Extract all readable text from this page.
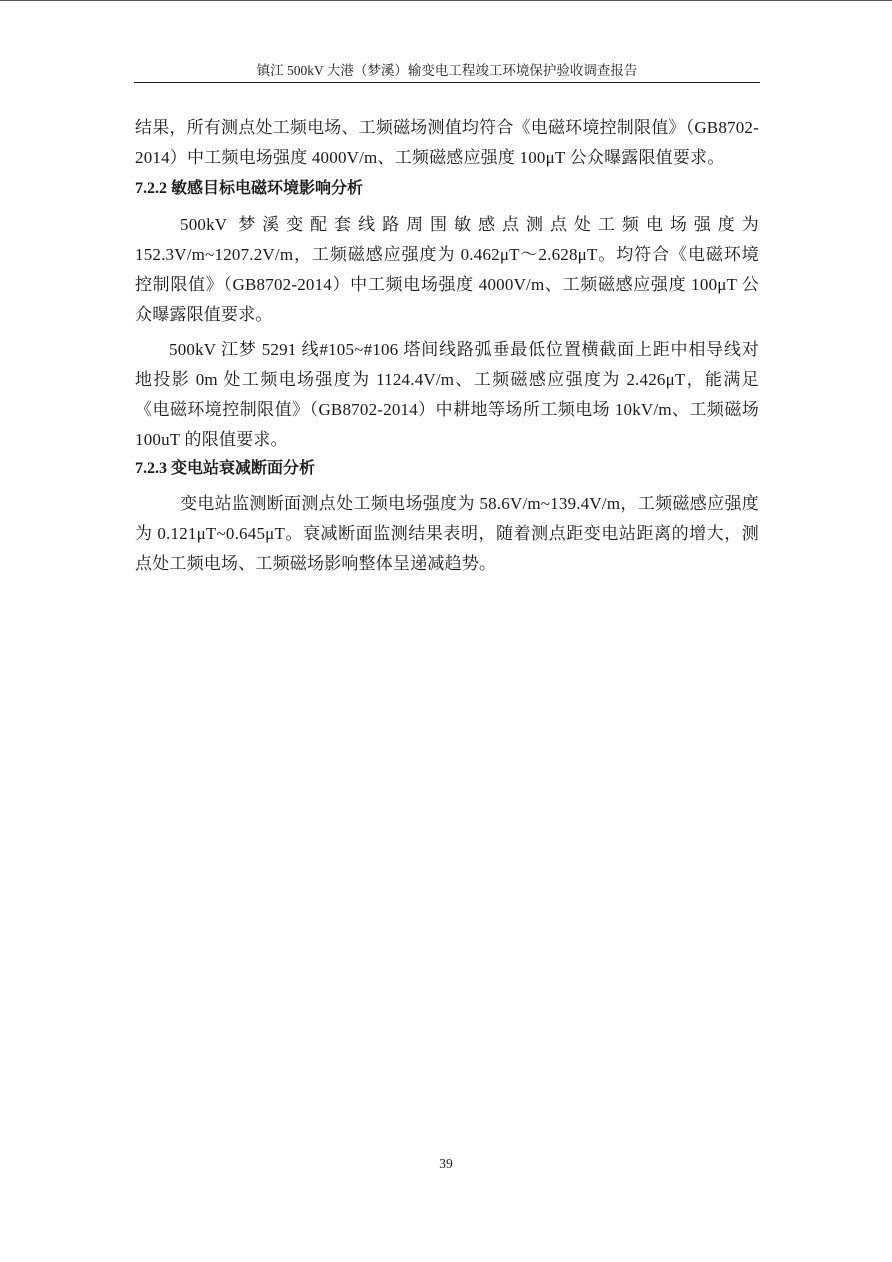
镇江 500kV 大港（梦溪）输变电工程竣工环境保护验收调查报告

结果，所有测点处工频电场、工频磁场测值均符合《电磁环境控制限值》（GB8702-2014）中工频电场强度 4000V/m、工频磁感应强度 100μT 公众曝露限值要求。

7.2.2 敏感目标电磁环境影响分析

500kV 梦溪变配套线路周围敏感点测点处工频电场强度为 152.3V/m~1207.2V/m，工频磁感应强度为 0.462μT～2.628μT。均符合《电磁环境控制限值》（GB8702-2014）中工频电场强度 4000V/m、工频磁感应强度 100μT 公众曝露限值要求。

500kV 江梦 5291 线#105~#106 塔间线路弧垂最低位置横截面上距中相导线对地投影 0m 处工频电场强度为 1124.4V/m、工频磁感应强度为 2.426μT，能满足《电磁环境控制限值》（GB8702-2014）中耕地等场所工频电场 10kV/m、工频磁场 100uT 的限值要求。

7.2.3 变电站衰减断面分析

变电站监测断面测点处工频电场强度为 58.6V/m~139.4V/m，工频磁感应强度为 0.121μT~0.645μT。衰减断面监测结果表明，随着测点距变电站距离的增大，测点处工频电场、工频磁场影响整体呈递减趋势。

39
